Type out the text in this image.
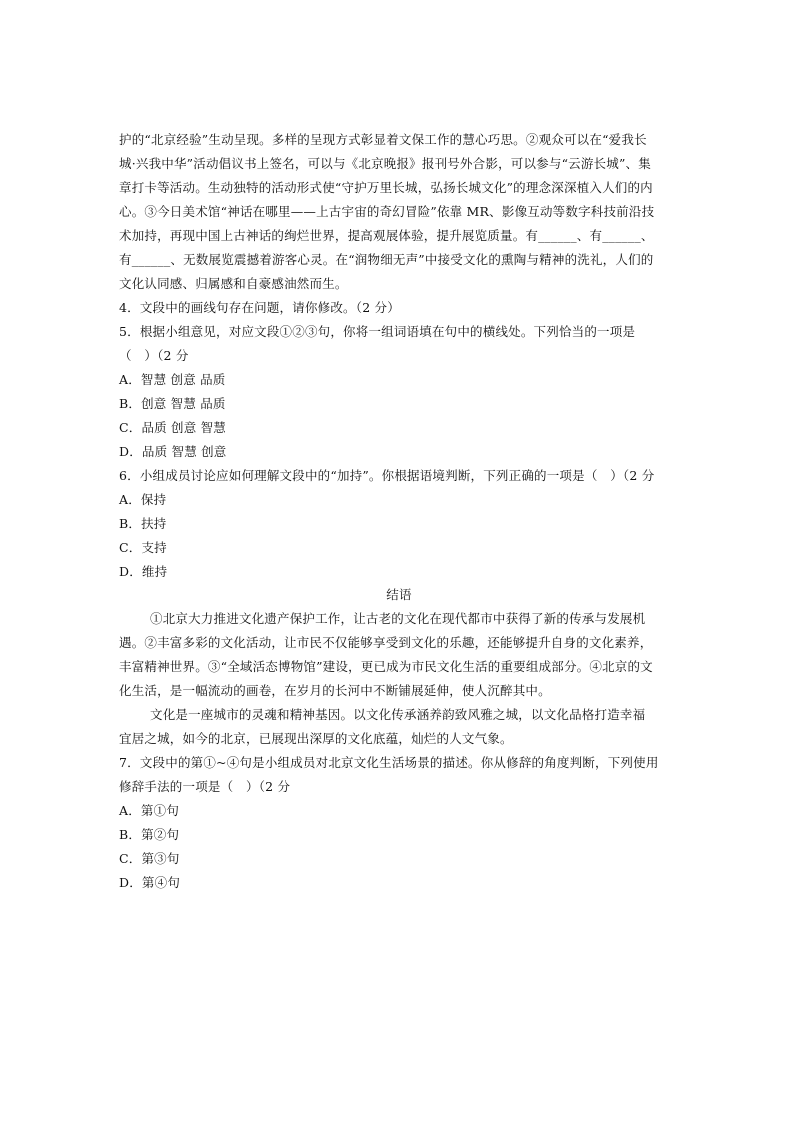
护的“北京经验”生动呈现。多样的呈现方式彰显着文保工作的慧心巧思。②观众可以在“爱我长
城·兴我中华”活动倡议书上签名，可以与《北京晚报》报刊号外合影，可以参与“云游长城”、集
章打卡等活动。生动独特的活动形式使“守护万里长城，弘扬长城文化”的理念深深植入人们的内
心。③今日美术馆“神话在哪里——上古宇宙的奇幻冒险”依靠 MR、影像互动等数字科技前沿技
术加持，再现中国上古神话的绚烂世界，提高观展体验，提升展览质量。有______、有______、
有______、无数展览震撼着游客心灵。在“润物细无声”中接受文化的熏陶与精神的洗礼，人们的
文化认同感、归属感和自豪感油然而生。
4．文段中的画线句存在问题，请你修改。（2 分）
5．根据小组意见，对应文段①②③句，你将一组词语填在句中的横线处。下列恰当的一项是
（　）（2 分
A．智慧 创意 品质
B．创意 智慧 品质
C．品质 创意 智慧
D．品质 智慧 创意
6．小组成员讨论应如何理解文段中的“加持”。你根据语境判断，下列正确的一项是（　）（2 分
A．保持
B．扶持
C．支持
D．维持
结语
①北京大力推进文化遗产保护工作，让古老的文化在现代都市中获得了新的传承与发展机
遇。②丰富多彩的文化活动，让市民不仅能够享受到文化的乐趣，还能够提升自身的文化素养，
丰富精神世界。③“全域活态博物馆”建设，更已成为市民文化生活的重要组成部分。④北京的文
化生活，是一幅流动的画卷，在岁月的长河中不断铺展延伸，使人沉醉其中。
文化是一座城市的灵魂和精神基因。以文化传承涵养韵致风雅之城，以文化品格打造幸福
宜居之城，如今的北京，已展现出深厚的文化底蕴，灿烂的人文气象。
7．文段中的第①~④句是小组成员对北京文化生活场景的描述。你从修辞的角度判断，下列使用
修辞手法的一项是（　）（2 分
A．第①句
B．第②句
C．第③句
D．第④句
